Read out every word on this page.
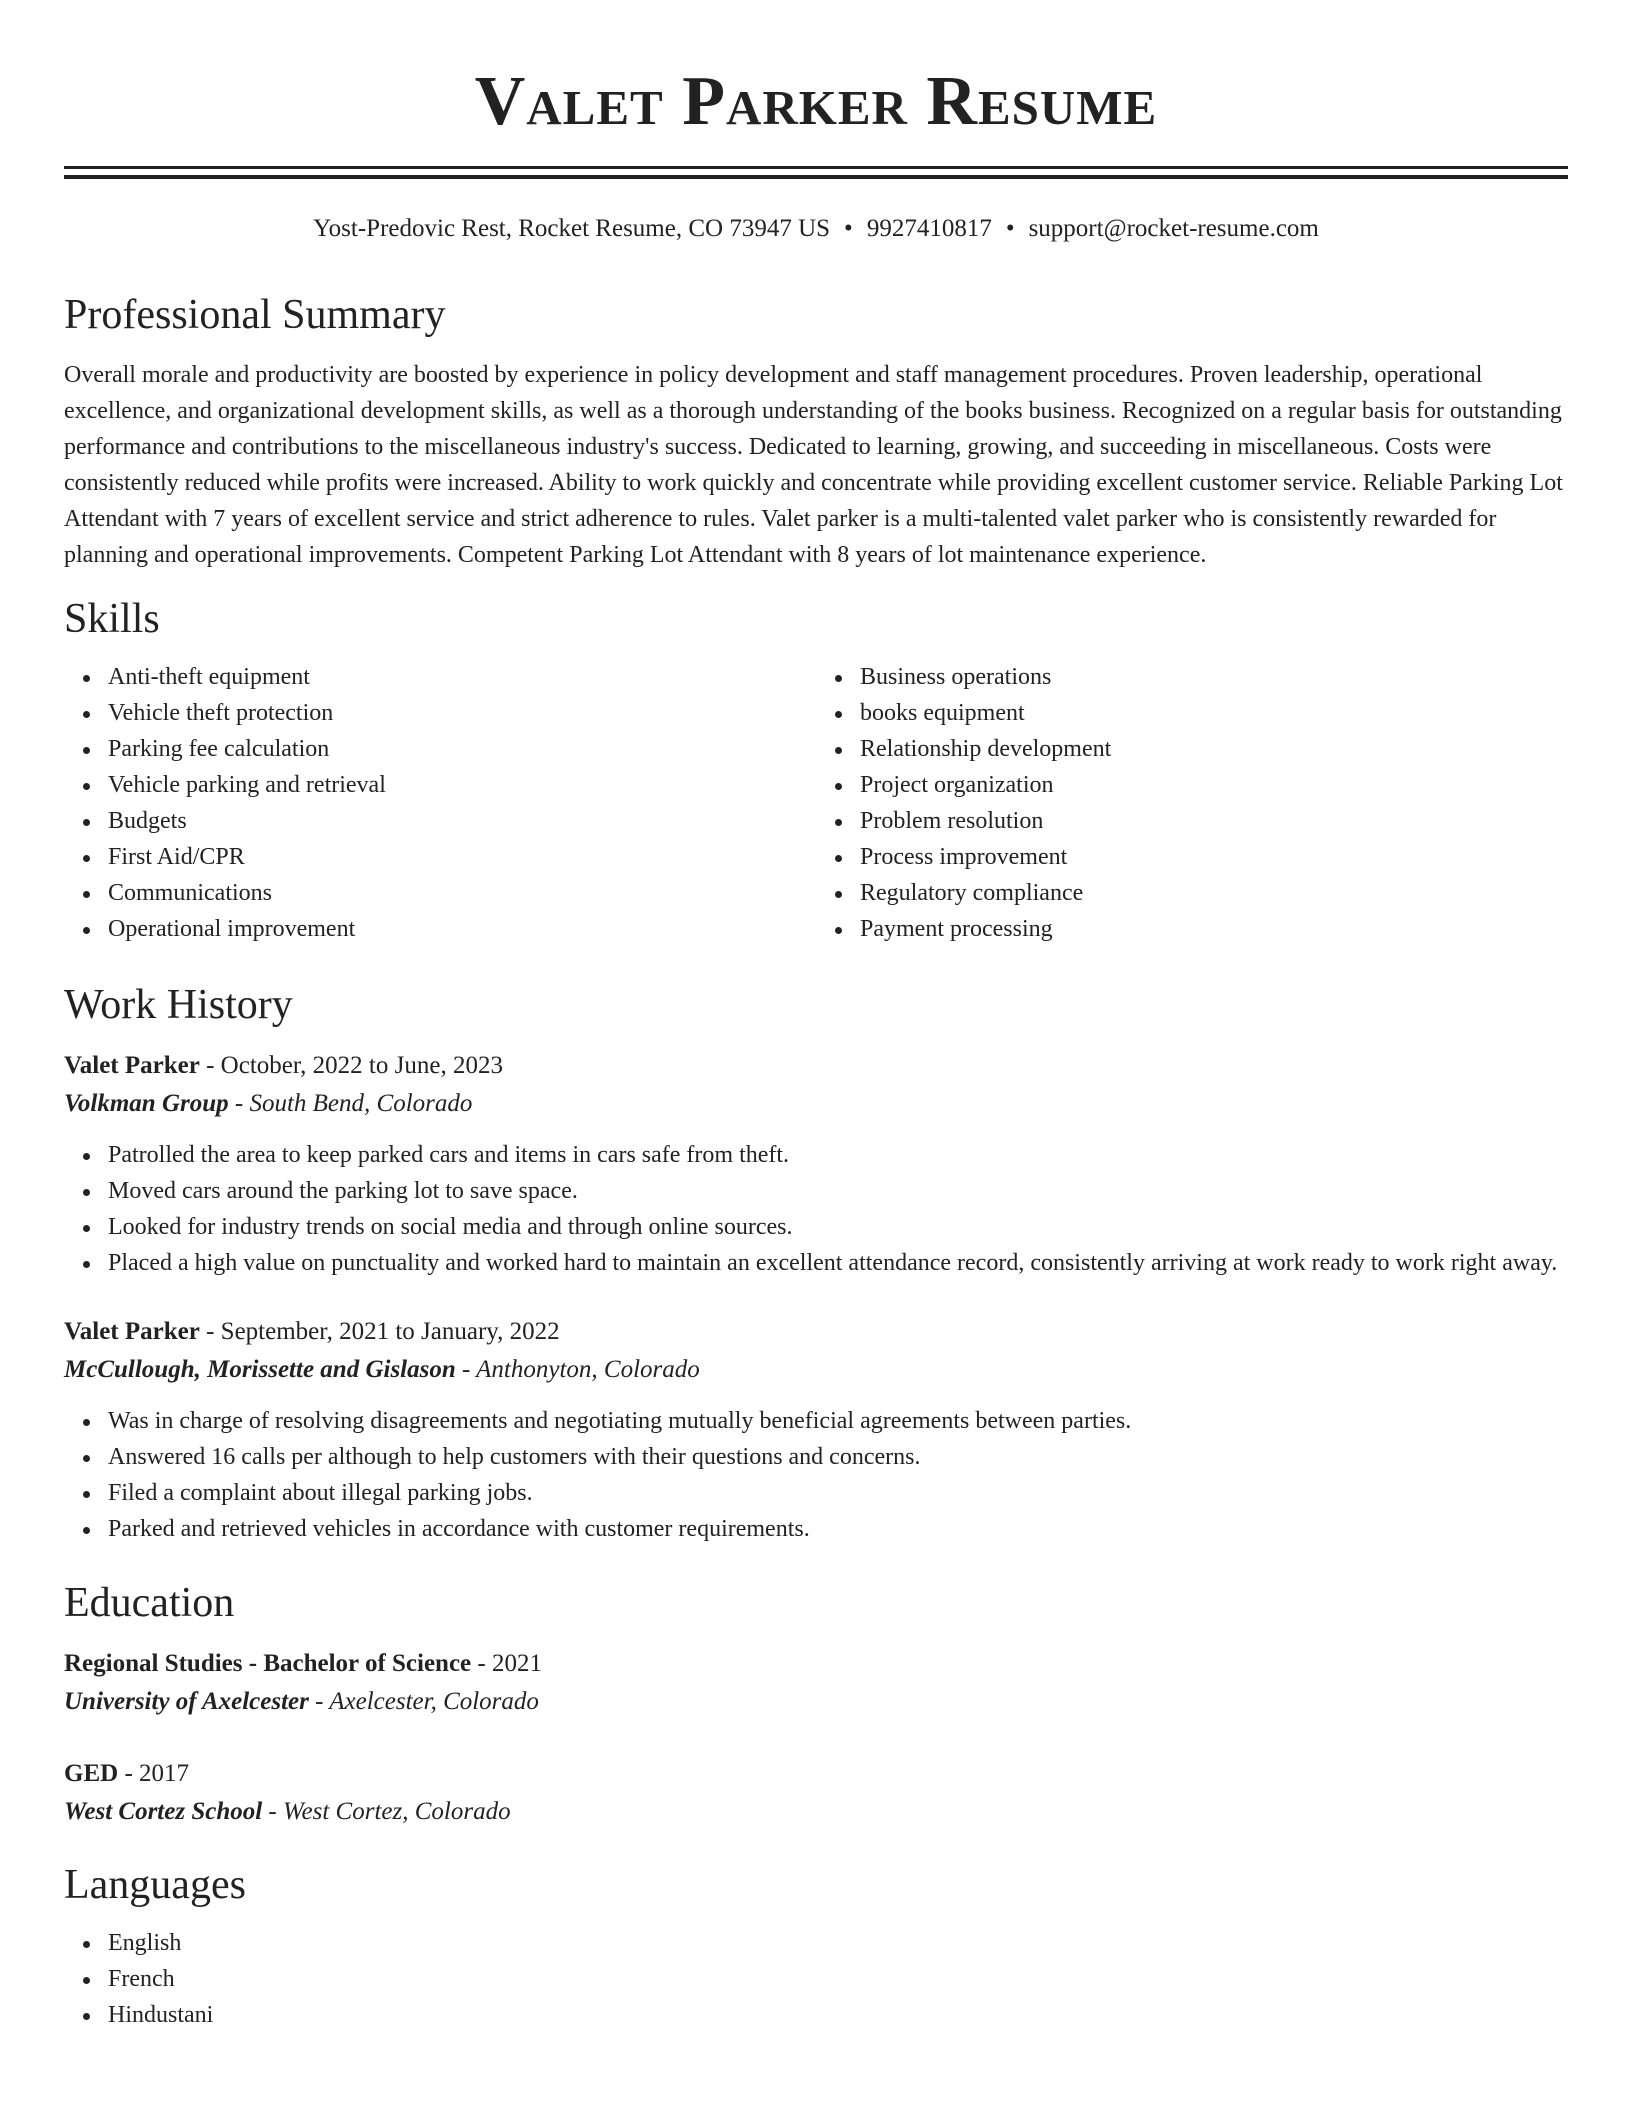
Valet Parker Resume
Yost-Predovic Rest, Rocket Resume, CO 73947 US • 9927410817 • support@rocket-resume.com
Professional Summary

Overall morale and productivity are boosted by experience in policy development and staff management procedures. Proven leadership, operational excellence, and organizational development skills, as well as a thorough understanding of the books business. Recognized on a regular basis for outstanding performance and contributions to the miscellaneous industry's success. Dedicated to learning, growing, and succeeding in miscellaneous. Costs were consistently reduced while profits were increased. Ability to work quickly and concentrate while providing excellent customer service. Reliable Parking Lot Attendant with 7 years of excellent service and strict adherence to rules. Valet parker is a multi-talented valet parker who is consistently rewarded for planning and operational improvements. Competent Parking Lot Attendant with 8 years of lot maintenance experience.

Skills
Anti-theft equipment
Vehicle theft protection
Parking fee calculation
Vehicle parking and retrieval
Budgets
First Aid/CPR
Communications
Operational improvement
Business operations
books equipment
Relationship development
Project organization
Problem resolution
Process improvement
Regulatory compliance
Payment processing
Work History
Valet Parker - October, 2022 to June, 2023
Volkman Group - South Bend, Colorado
Patrolled the area to keep parked cars and items in cars safe from theft.
Moved cars around the parking lot to save space.
Looked for industry trends on social media and through online sources.
Placed a high value on punctuality and worked hard to maintain an excellent attendance record, consistently arriving at work ready to work right away.
Valet Parker - September, 2021 to January, 2022
McCullough, Morissette and Gislason - Anthonyton, Colorado
Was in charge of resolving disagreements and negotiating mutually beneficial agreements between parties.
Answered 16 calls per although to help customers with their questions and concerns.
Filed a complaint about illegal parking jobs.
Parked and retrieved vehicles in accordance with customer requirements.
Education
Regional Studies - Bachelor of Science - 2021
University of Axelcester - Axelcester, Colorado
GED - 2017
West Cortez School - West Cortez, Colorado
Languages
English
French
Hindustani
